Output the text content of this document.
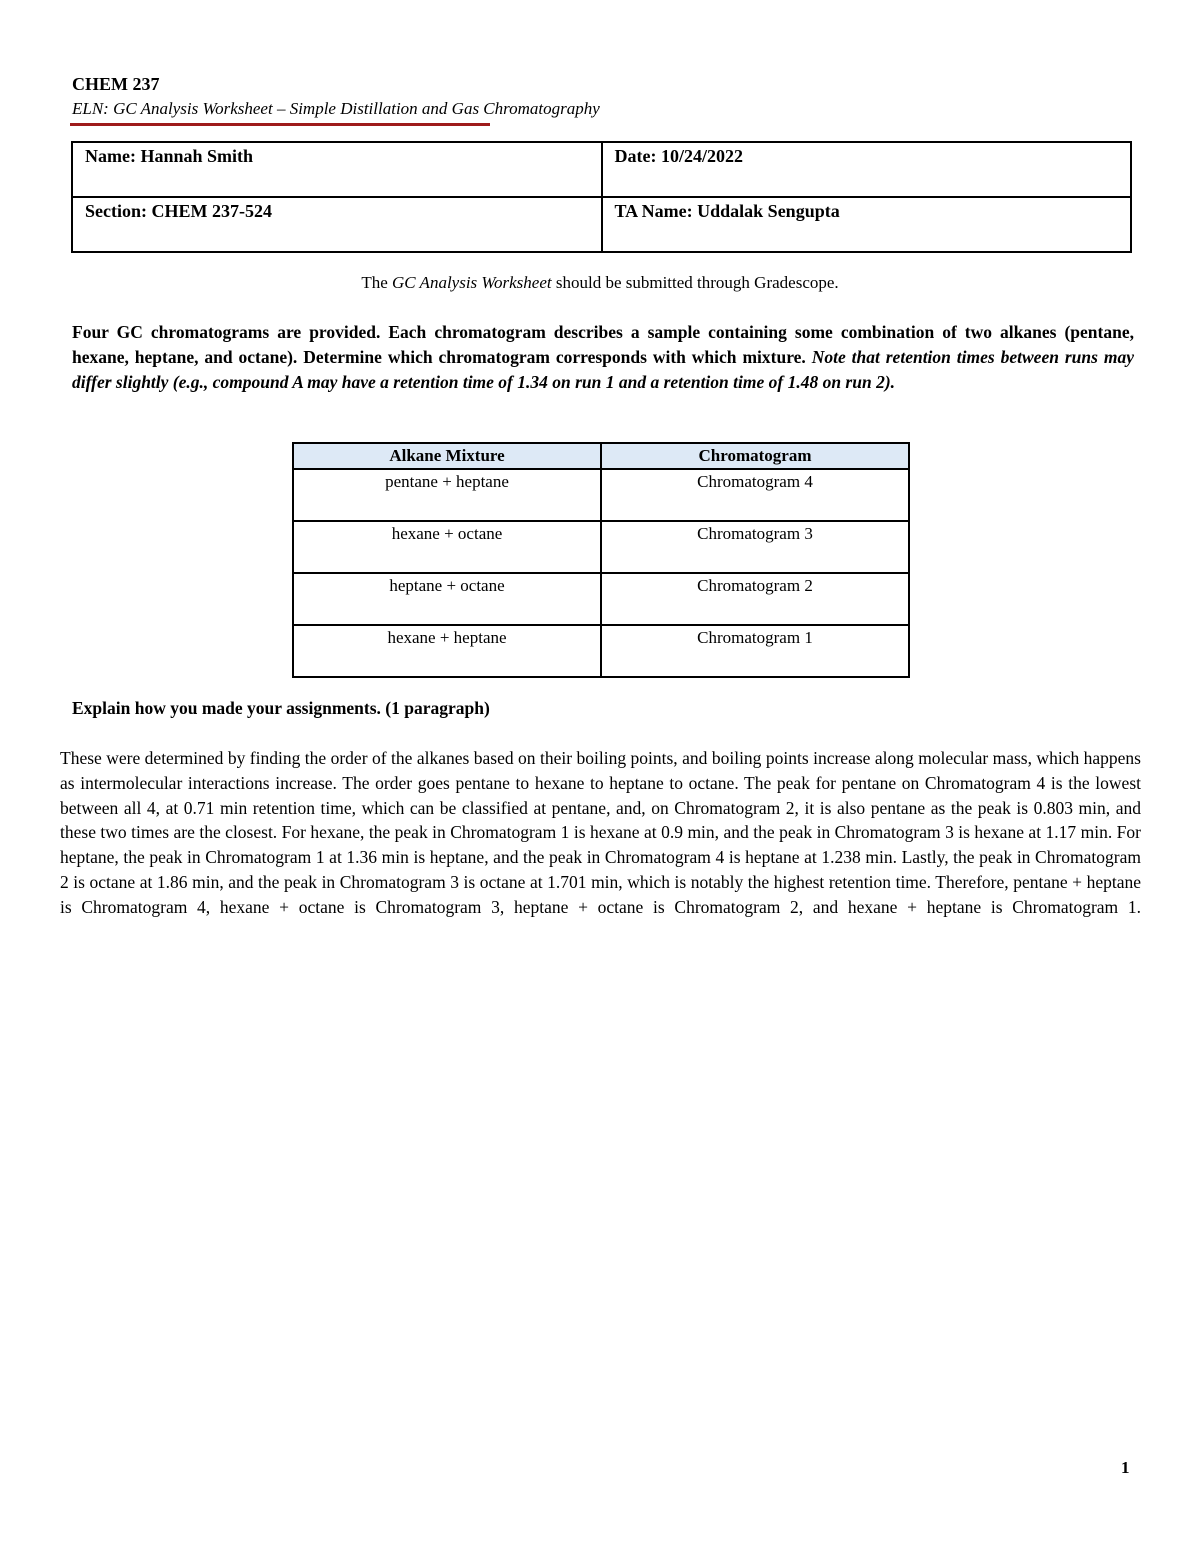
CHEM 237
ELN: GC Analysis Worksheet – Simple Distillation and Gas Chromatography
Name: Hannah Smith	Date: 10/24/2022
Section: CHEM 237-524	TA Name: Uddalak Sengupta
The GC Analysis Worksheet should be submitted through Gradescope.
Four GC chromatograms are provided. Each chromatogram describes a sample containing some combination of two alkanes (pentane, hexane, heptane, and octane). Determine which chromatogram corresponds with which mixture. Note that retention times between runs may differ slightly (e.g., compound A may have a retention time of 1.34 on run 1 and a retention time of 1.48 on run 2).
Alkane Mixture	Chromatogram
pentane + heptane	Chromatogram 4
hexane + octane	Chromatogram 3
heptane + octane	Chromatogram 2
hexane + heptane	Chromatogram 1
Explain how you made your assignments. (1 paragraph)
These were determined by finding the order of the alkanes based on their boiling points, and boiling points increase along molecular mass, which happens as intermolecular interactions increase. The order goes pentane to hexane to heptane to octane. The peak for pentane on Chromatogram 4 is the lowest between all 4, at 0.71 min retention time, which can be classified at pentane, and, on Chromatogram 2, it is also pentane as the peak is 0.803 min, and these two times are the closest. For hexane, the peak in Chromatogram 1 is hexane at 0.9 min, and the peak in Chromatogram 3 is hexane at 1.17 min. For heptane, the peak in Chromatogram 1 at 1.36 min is heptane, and the peak in Chromatogram 4 is heptane at 1.238 min. Lastly, the peak in Chromatogram 2 is octane at 1.86 min, and the peak in Chromatogram 3 is octane at 1.701 min, which is notably the highest retention time. Therefore, pentane + heptane is Chromatogram 4, hexane + octane is Chromatogram 3, heptane + octane is Chromatogram 2, and hexane + heptane is Chromatogram 1.
1
